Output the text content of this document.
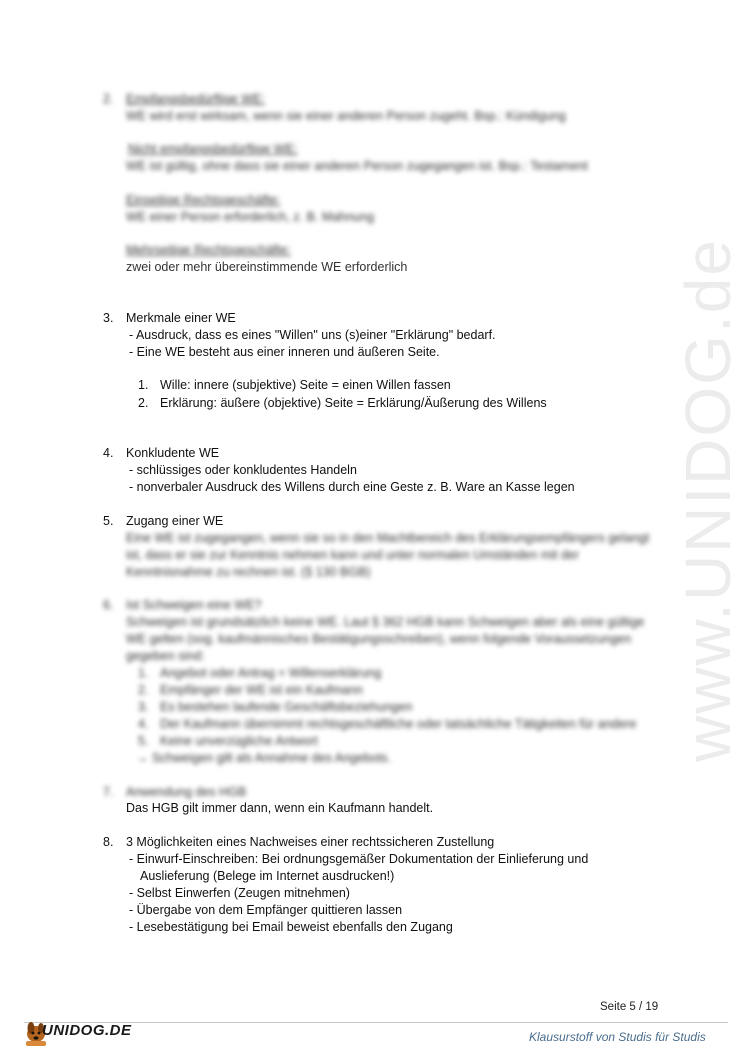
www.UNIDOG.de
2. Empfangsbedürftige WE:
WE wird erst wirksam, wenn sie einer anderen Person zugeht. Bsp.: Kündigung
Nicht empfangsbedürftige WE:
WE ist gültig, ohne dass sie einer anderen Person zugegangen ist. Bsp.: Testament
Einseitige Rechtsgeschäfte:
WE einer Person erforderlich, z. B. Mahnung
Mehrseitige Rechtsgeschäfte:
zwei oder mehr übereinstimmende WE erforderlich
3. Merkmale einer WE
- Ausdruck, dass es eines "Willen" uns (s)einer "Erklärung" bedarf.
- Eine WE besteht aus einer inneren und äußeren Seite.
1. Wille: innere (subjektive) Seite = einen Willen fassen
2. Erklärung: äußere (objektive) Seite = Erklärung/Äußerung des Willens
4. Konkludente WE
- schlüssiges oder konkludentes Handeln
- nonverbaler Ausdruck des Willens durch eine Geste z. B. Ware an Kasse legen
5. Zugang einer WE
Eine WE ist zugegangen, wenn sie so in den Machtbereich des Erklärungsempfängers gelangt
ist, dass er sie zur Kenntnis nehmen kann und unter normalen Umständen mit der
Kenntnisnahme zu rechnen ist. (§ 130 BGB)
6. Ist Schweigen eine WE?
Schweigen ist grundsätzlich keine WE. Laut § 362 HGB kann Schweigen aber als eine gültige
WE gelten (sog. kaufmännisches Bestätigungsschreiben), wenn folgende Voraussetzungen
gegeben sind:
1. Angebot oder Antrag = Willenserklärung
2. Empfänger der WE ist ein Kaufmann
3. Es bestehen laufende Geschäftsbeziehungen
4. Der Kaufmann übernimmt rechtsgeschäftliche oder tatsächliche Tätigkeiten für andere
5. Keine unverzügliche Antwort
→ Schweigen gilt als Annahme des Angebots.
7. Anwendung des HGB
Das HGB gilt immer dann, wenn ein Kaufmann handelt.
8. 3 Möglichkeiten eines Nachweises einer rechtssicheren Zustellung
- Einwurf-Einschreiben: Bei ordnungsgemäßer Dokumentation der Einlieferung und
Auslieferung (Belege im Internet ausdrucken!)
- Selbst Einwerfen (Zeugen mitnehmen)
- Übergabe von dem Empfänger quittieren lassen
- Lesebestätigung bei Email beweist ebenfalls den Zugang
Seite 5 / 19
UNIDOG.DE	Klausurstoff von Studis für Studis
